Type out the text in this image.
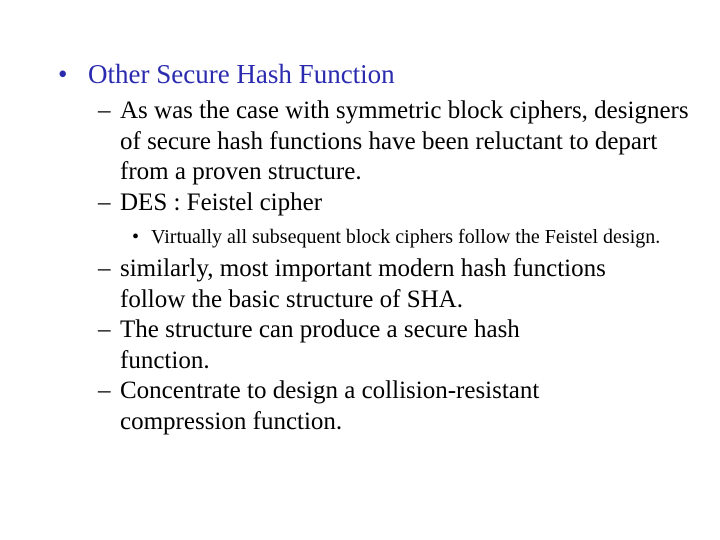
• Other Secure Hash Function
– As was the case with symmetric block ciphers, designers of secure hash functions have been reluctant to depart from a proven structure.
– DES : Feistel cipher
• Virtually all subsequent block ciphers follow the Feistel design.
– similarly, most important modern hash functions follow the basic structure of SHA.
– The structure can produce a secure hash function.
– Concentrate to design a collision-resistant compression function.
